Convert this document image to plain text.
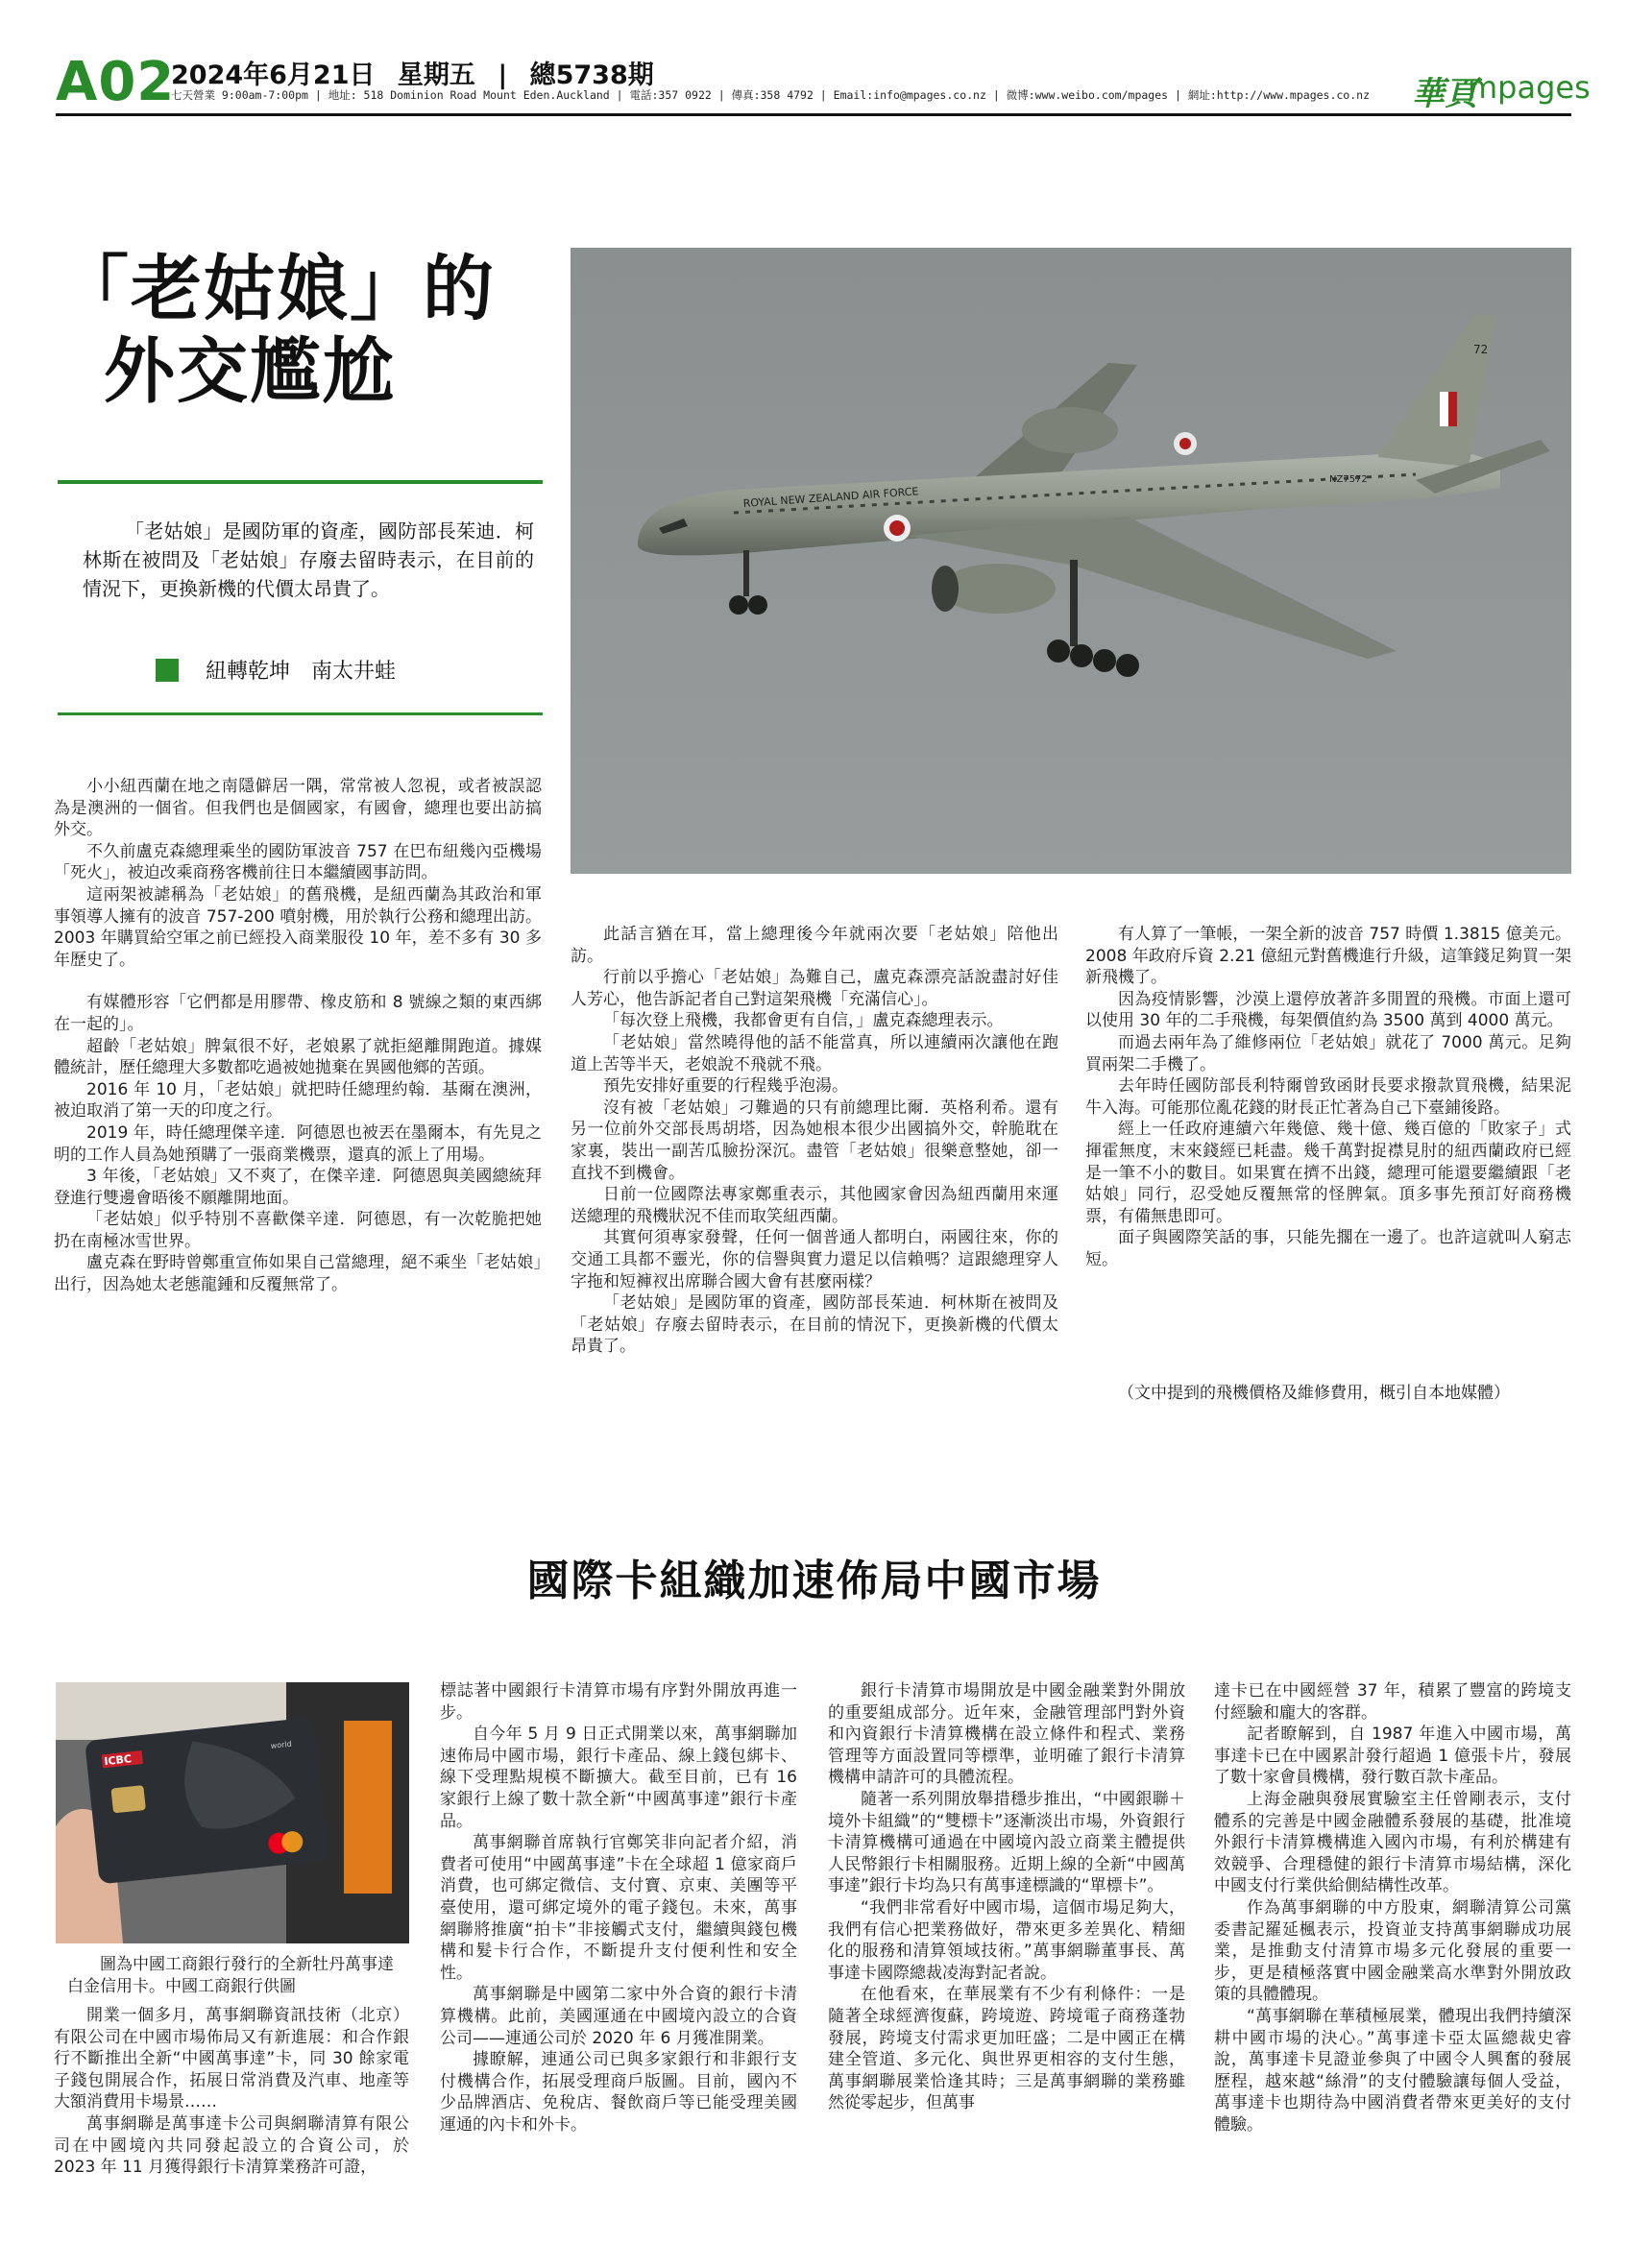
A02
2024年6月21日 星期五 | 總5738期
七天營業 9:00am-7:00pm | 地址: 518 Dominion Road Mount Eden.Auckland | 電話:357 0922 | 傳真:358 4792 | Email:info@mpages.co.nz | 微博:www.weibo.com/mpages | 網址:http://www.mpages.co.nz 華頁
mpages
「老姑娘」的
外交尷尬
「老姑娘」是國防軍的資產，國防部長茱迪．柯林斯在被問及「老姑娘」存廢去留時表示，在目前的情況下，更換新機的代價太昂貴了。
紐轉乾坤　南太井蛙
ROYAL NEW ZEALAND AIR FORCE
NZ7572
72

小小紐西蘭在地之南隱僻居一隅，常常被人忽視，或者被誤認為是澳洲的一個省。但我們也是個國家，有國會，總理也要出訪搞外交。

不久前盧克森總理乘坐的國防軍波音 757 在巴布紐幾內亞機場「死火」，被迫改乘商務客機前往日本繼續國事訪問。

這兩架被謔稱為「老姑娘」的舊飛機，是紐西蘭為其政治和軍事領導人擁有的波音 757-200 噴射機，用於執行公務和總理出訪。2003 年購買給空軍之前已經投入商業服役 10 年，差不多有 30 多年歷史了。

有媒體形容「它們都是用膠帶、橡皮筋和 8 號線之類的東西綁在一起的」。

超齡「老姑娘」脾氣很不好，老娘累了就拒絕離開跑道。據媒體統計，歷任總理大多數都吃過被她拋棄在異國他鄉的苦頭。

2016 年 10 月，「老姑娘」就把時任總理約翰．基爾在澳洲，被迫取消了第一天的印度之行。

2019 年，時任總理傑辛達．阿德恩也被丟在墨爾本，有先見之明的工作人員為她預購了一張商業機票，還真的派上了用場。

3 年後，「老姑娘」又不爽了，在傑辛達．阿德恩與美國總統拜登進行雙邊會晤後不願離開地面。

「老姑娘」似乎特別不喜歡傑辛達．阿德恩，有一次乾脆把她扔在南極冰雪世界。

盧克森在野時曾鄭重宣佈如果自己當總理，絕不乘坐「老姑娘」出行，因為她太老態龍鍾和反覆無常了。

此話言猶在耳，當上總理後今年就兩次要「老姑娘」陪他出訪。

行前以乎擔心「老姑娘」為難自己，盧克森漂亮話說盡討好佳人芳心，他告訴記者自己對這架飛機「充滿信心」。

「每次登上飛機，我都會更有自信，」盧克森總理表示。

「老姑娘」當然曉得他的話不能當真，所以連續兩次讓他在跑道上苦等半天，老娘說不飛就不飛。

預先安排好重要的行程幾乎泡湯。

沒有被「老姑娘」刁難過的只有前總理比爾．英格利希。還有另一位前外交部長馬胡塔，因為她根本很少出國搞外交，幹脆耽在家裏，裝出一副苦瓜臉扮深沉。盡管「老姑娘」很樂意整她，卻一直找不到機會。

日前一位國際法專家鄭重表示，其他國家會因為紐西蘭用來運送總理的飛機狀況不佳而取笑紐西蘭。

其實何須專家發聲，任何一個普通人都明白，兩國往來，你的交通工具都不靈光，你的信譽與實力還足以信賴嗎？這跟總理穿人字拖和短褲衩出席聯合國大會有甚麼兩樣？

「老姑娘」是國防軍的資產，國防部長茱迪．柯林斯在被問及「老姑娘」存廢去留時表示，在目前的情況下，更換新機的代價太昂貴了。

有人算了一筆帳，一架全新的波音 757 時價 1.3815 億美元。2008 年政府斥資 2.21 億紐元對舊機進行升級，這筆錢足夠買一架新飛機了。

因為疫情影響，沙漠上還停放著許多閒置的飛機。市面上還可以使用 30 年的二手飛機，每架價值約為 3500 萬到 4000 萬元。

而過去兩年為了維修兩位「老姑娘」就花了 7000 萬元。足夠買兩架二手機了。

去年時任國防部長利特爾曾致函財長要求撥款買飛機，結果泥牛入海。可能那位亂花錢的財長正忙著為自己下臺鋪後路。

經上一任政府連續六年幾億、幾十億、幾百億的「敗家子」式揮霍無度，末來錢經已耗盡。幾千萬對捉襟見肘的紐西蘭政府已經是一筆不小的數目。如果實在擠不出錢，總理可能還要繼續跟「老姑娘」同行，忍受她反覆無常的怪脾氣。頂多事先預訂好商務機票，有備無患即可。

面子與國際笑話的事，只能先擱在一邊了。也許這就叫人窮志短。

（文中提到的飛機價格及維修費用，概引自本地媒體）
國際卡組織加速佈局中國市場
ICBC
world
圖為中國工商銀行發行的全新牡丹萬事達白金信用卡。中國工商銀行供圖

開業一個多月，萬事網聯資訊技術（北京）有限公司在中國市場佈局又有新進展：和合作銀行不斷推出全新“中國萬事達”卡，同 30 餘家電子錢包開展合作，拓展日常消費及汽車、地產等大額消費用卡場景……

萬事網聯是萬事達卡公司與網聯清算有限公司在中國境內共同發起設立的合資公司，於 2023 年 11 月獲得銀行卡清算業務許可證，

標誌著中國銀行卡清算市場有序對外開放再進一步。

自今年 5 月 9 日正式開業以來，萬事網聯加速佈局中國市場，銀行卡產品、線上錢包綁卡、線下受理點規模不斷擴大。截至目前，已有 16 家銀行上線了數十款全新“中國萬事達”銀行卡產品。

萬事網聯首席執行官鄭笑非向記者介紹，消費者可使用“中國萬事達”卡在全球超 1 億家商戶消費，也可綁定微信、支付寶、京東、美團等平臺使用，還可綁定境外的電子錢包。未來，萬事網聯將推廣“拍卡”非接觸式支付，繼續與錢包機構和髮卡行合作，不斷提升支付便利性和安全性。

萬事網聯是中國第二家中外合資的銀行卡清算機構。此前，美國運通在中國境內設立的合資公司——連通公司於 2020 年 6 月獲准開業。

據瞭解，連通公司已與多家銀行和非銀行支付機構合作，拓展受理商戶版圖。目前，國內不少品牌酒店、免稅店、餐飲商戶等已能受理美國運通的內卡和外卡。

銀行卡清算市場開放是中國金融業對外開放的重要組成部分。近年來，金融管理部門對外資和內資銀行卡清算機構在設立條件和程式、業務管理等方面設置同等標準，並明確了銀行卡清算機構申請許可的具體流程。

隨著一系列開放舉措穩步推出，“中國銀聯＋境外卡組織”的“雙標卡”逐漸淡出市場，外資銀行卡清算機構可通過在中國境內設立商業主體提供人民幣銀行卡相關服務。近期上線的全新“中國萬事達”銀行卡均為只有萬事達標識的“單標卡”。

“我們非常看好中國市場，這個市場足夠大，我們有信心把業務做好，帶來更多差異化、精細化的服務和清算領域技術。”萬事網聯董事長、萬事達卡國際總裁凌海對記者說。

在他看來，在華展業有不少有利條件：一是隨著全球經濟復蘇，跨境遊、跨境電子商務蓬勃發展，跨境支付需求更加旺盛；二是中國正在構建全管道、多元化、與世界更相容的支付生態，萬事網聯展業恰逢其時；三是萬事網聯的業務雖然從零起步，但萬事

達卡已在中國經營 37 年，積累了豐富的跨境支付經驗和龐大的客群。

記者瞭解到，自 1987 年進入中國市場，萬事達卡已在中國累計發行超過 1 億張卡片，發展了數十家會員機構，發行數百款卡產品。

上海金融與發展實驗室主任曾剛表示，支付體系的完善是中國金融體系發展的基礎，批准境外銀行卡清算機構進入國內市場，有利於構建有效競爭、合理穩健的銀行卡清算市場結構，深化中國支付行業供給側結構性改革。

作為萬事網聯的中方股東，網聯清算公司黨委書記羅延楓表示，投資並支持萬事網聯成功展業，是推動支付清算市場多元化發展的重要一步，更是積極落實中國金融業高水準對外開放政策的具體體現。

“萬事網聯在華積極展業，體現出我們持續深耕中國市場的決心。”萬事達卡亞太區總裁史睿說，萬事達卡見證並參與了中國令人興奮的發展歷程，越來越“絲滑”的支付體驗讓每個人受益，萬事達卡也期待為中國消費者帶來更美好的支付體驗。
